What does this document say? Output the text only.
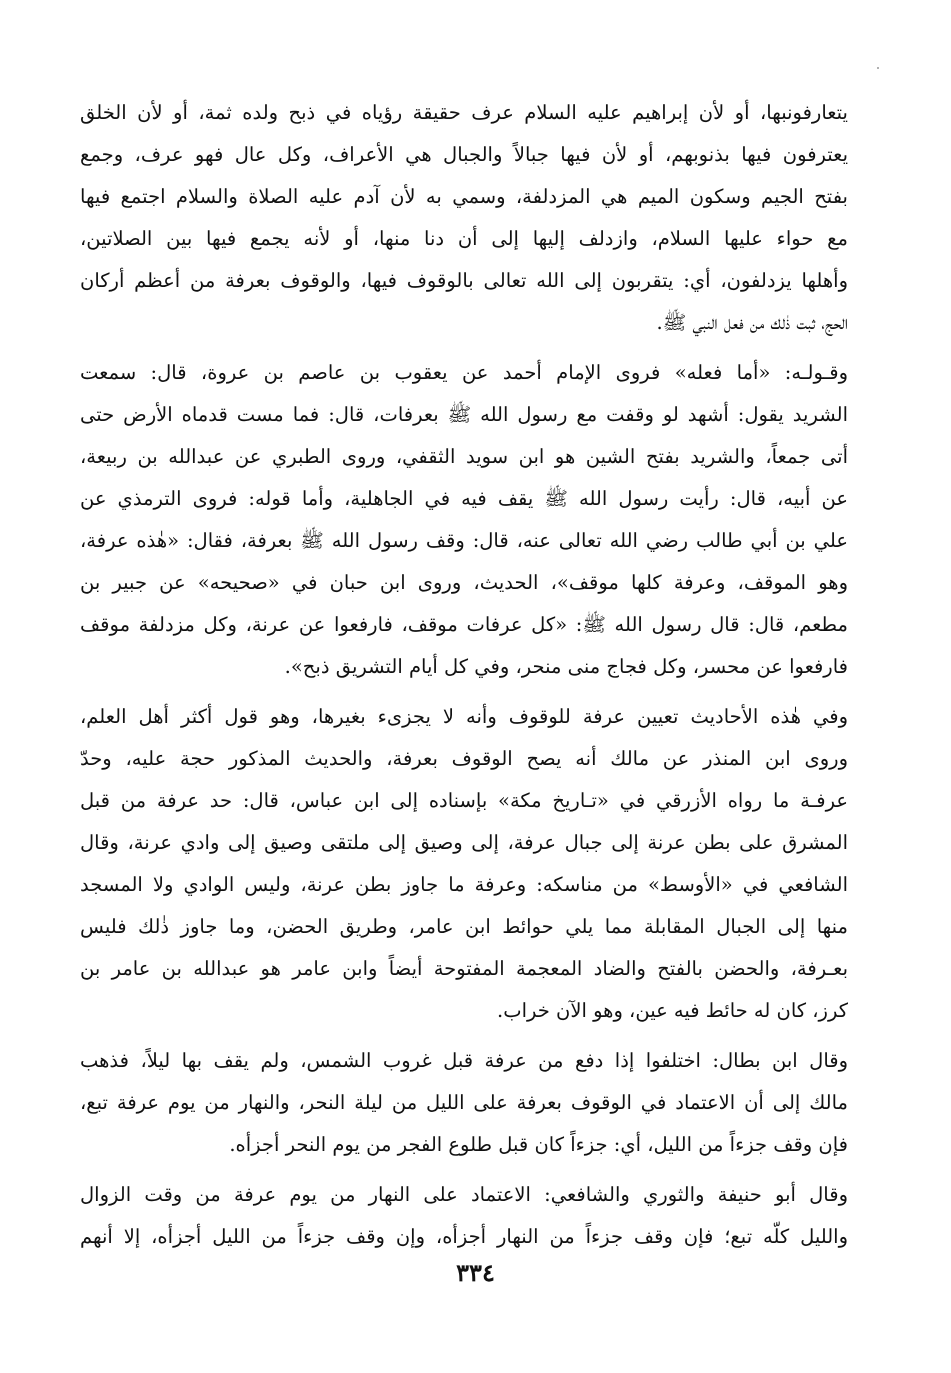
يتعارفونبها، أو لأن إبراهيم عليه السلام عرف حقيقة رؤياه في ذبح ولده ثمة، أو لأن الخلق
يعترفون فيها بذنوبهم، أو لأن فيها جبالاً والجبال هي الأعراف، وكل عال فهو عرف، وجمع
بفتح الجيم وسكون الميم هي المزدلفة، وسمي به لأن آدم عليه الصلاة والسلام اجتمع فيها
مع حواء عليها السلام، وازدلف إليها إلى أن دنا منها، أو لأنه يجمع فيها بين الصلاتين،
وأهلها يزدلفون، أي: يتقربون إلى الله تعالى بالوقوف فيها، والوقوف بعرفة من أعظم أركان
الحج، ثبت ذٰلك من فعل النبي ﷺ.
وقـولـه: «أما فعله» فروى الإمام أحمد عن يعقوب بن عاصم بن عروة، قال: سمعت
الشريد يقول: أشهد لو وقفت مع رسول الله ﷺ بعرفات، قال: فما مست قدماه الأرض حتى
أتى جمعاً، والشريد بفتح الشين هو ابن سويد الثقفي، وروى الطبري عن عبدالله بن ربيعة،
عن أبيه، قال: رأيت رسول الله ﷺ يقف فيه في الجاهلية، وأما قوله: فروى الترمذي عن
علي بن أبي طالب رضي الله تعالى عنه، قال: وقف رسول الله ﷺ بعرفة، فقال: «هٰذه عرفة،
وهو الموقف، وعرفة كلها موقف»، الحديث، وروى ابن حبان في «صحيحه» عن جبير بن
مطعم، قال: قال رسول الله ﷺ: «كل عرفات موقف، فارفعوا عن عرنة، وكل مزدلفة موقف
فارفعوا عن محسر، وكل فجاج منى منحر، وفي كل أيام التشريق ذبح».
وفي هٰذه الأحاديث تعيين عرفة للوقوف وأنه لا يجزىء بغيرها، وهو قول أكثر أهل العلم،
وروى ابن المنذر عن مالك أنه يصح الوقوف بعرفة، والحديث المذكور حجة عليه، وحدّ
عرفـة ما رواه الأزرقي في «تـاريخ مكة» بإسناده إلى ابن عباس، قال: حد عرفة من قبل
المشرق على بطن عرنة إلى جبال عرفة، إلى وصيق إلى ملتقى وصيق إلى وادي عرنة، وقال
الشافعي في «الأوسط» من مناسكه: وعرفة ما جاوز بطن عرنة، وليس الوادي ولا المسجد
منها إلى الجبال المقابلة مما يلي حوائط ابن عامر، وطريق الحضن، وما جاوز ذٰلك فليس
بعـرفة، والحضن بالفتح والضاد المعجمة المفتوحة أيضاً وابن عامر هو عبدالله بن عامر بن
كرز، كان له حائط فيه عين، وهو الآن خراب.
وقال ابن بطال: اختلفوا إذا دفع من عرفة قبل غروب الشمس، ولم يقف بها ليلاً، فذهب
مالك إلى أن الاعتماد في الوقوف بعرفة على الليل من ليلة النحر، والنهار من يوم عرفة تبع،
فإن وقف جزءاً من الليل، أي: جزءاً كان قبل طلوع الفجر من يوم النحر أجزأه.
وقال أبو حنيفة والثوري والشافعي: الاعتماد على النهار من يوم عرفة من وقت الزوال
والليل كلّه تبع؛ فإن وقف جزءاً من النهار أجزأه، وإن وقف جزءاً من الليل أجزأه، إلا أنهم
٣٣٤
